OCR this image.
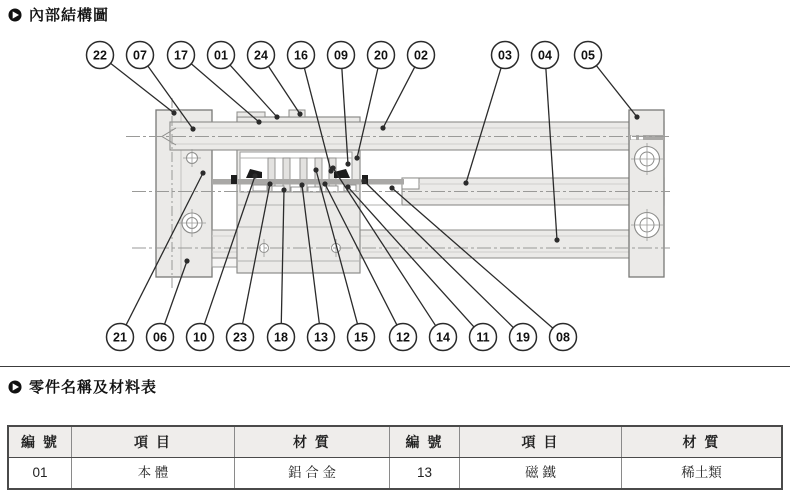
內部結構圖
22 07 17 01 24 16 09 20 02	03 04 05
21 06 10 23 18 13 15 12 14 11 19 08
零件名稱及材料表
編 號	項 目	材 質	編 號	項 目	材 質
01	本 體	鋁 合 金	13	磁 鐵	稀土類
